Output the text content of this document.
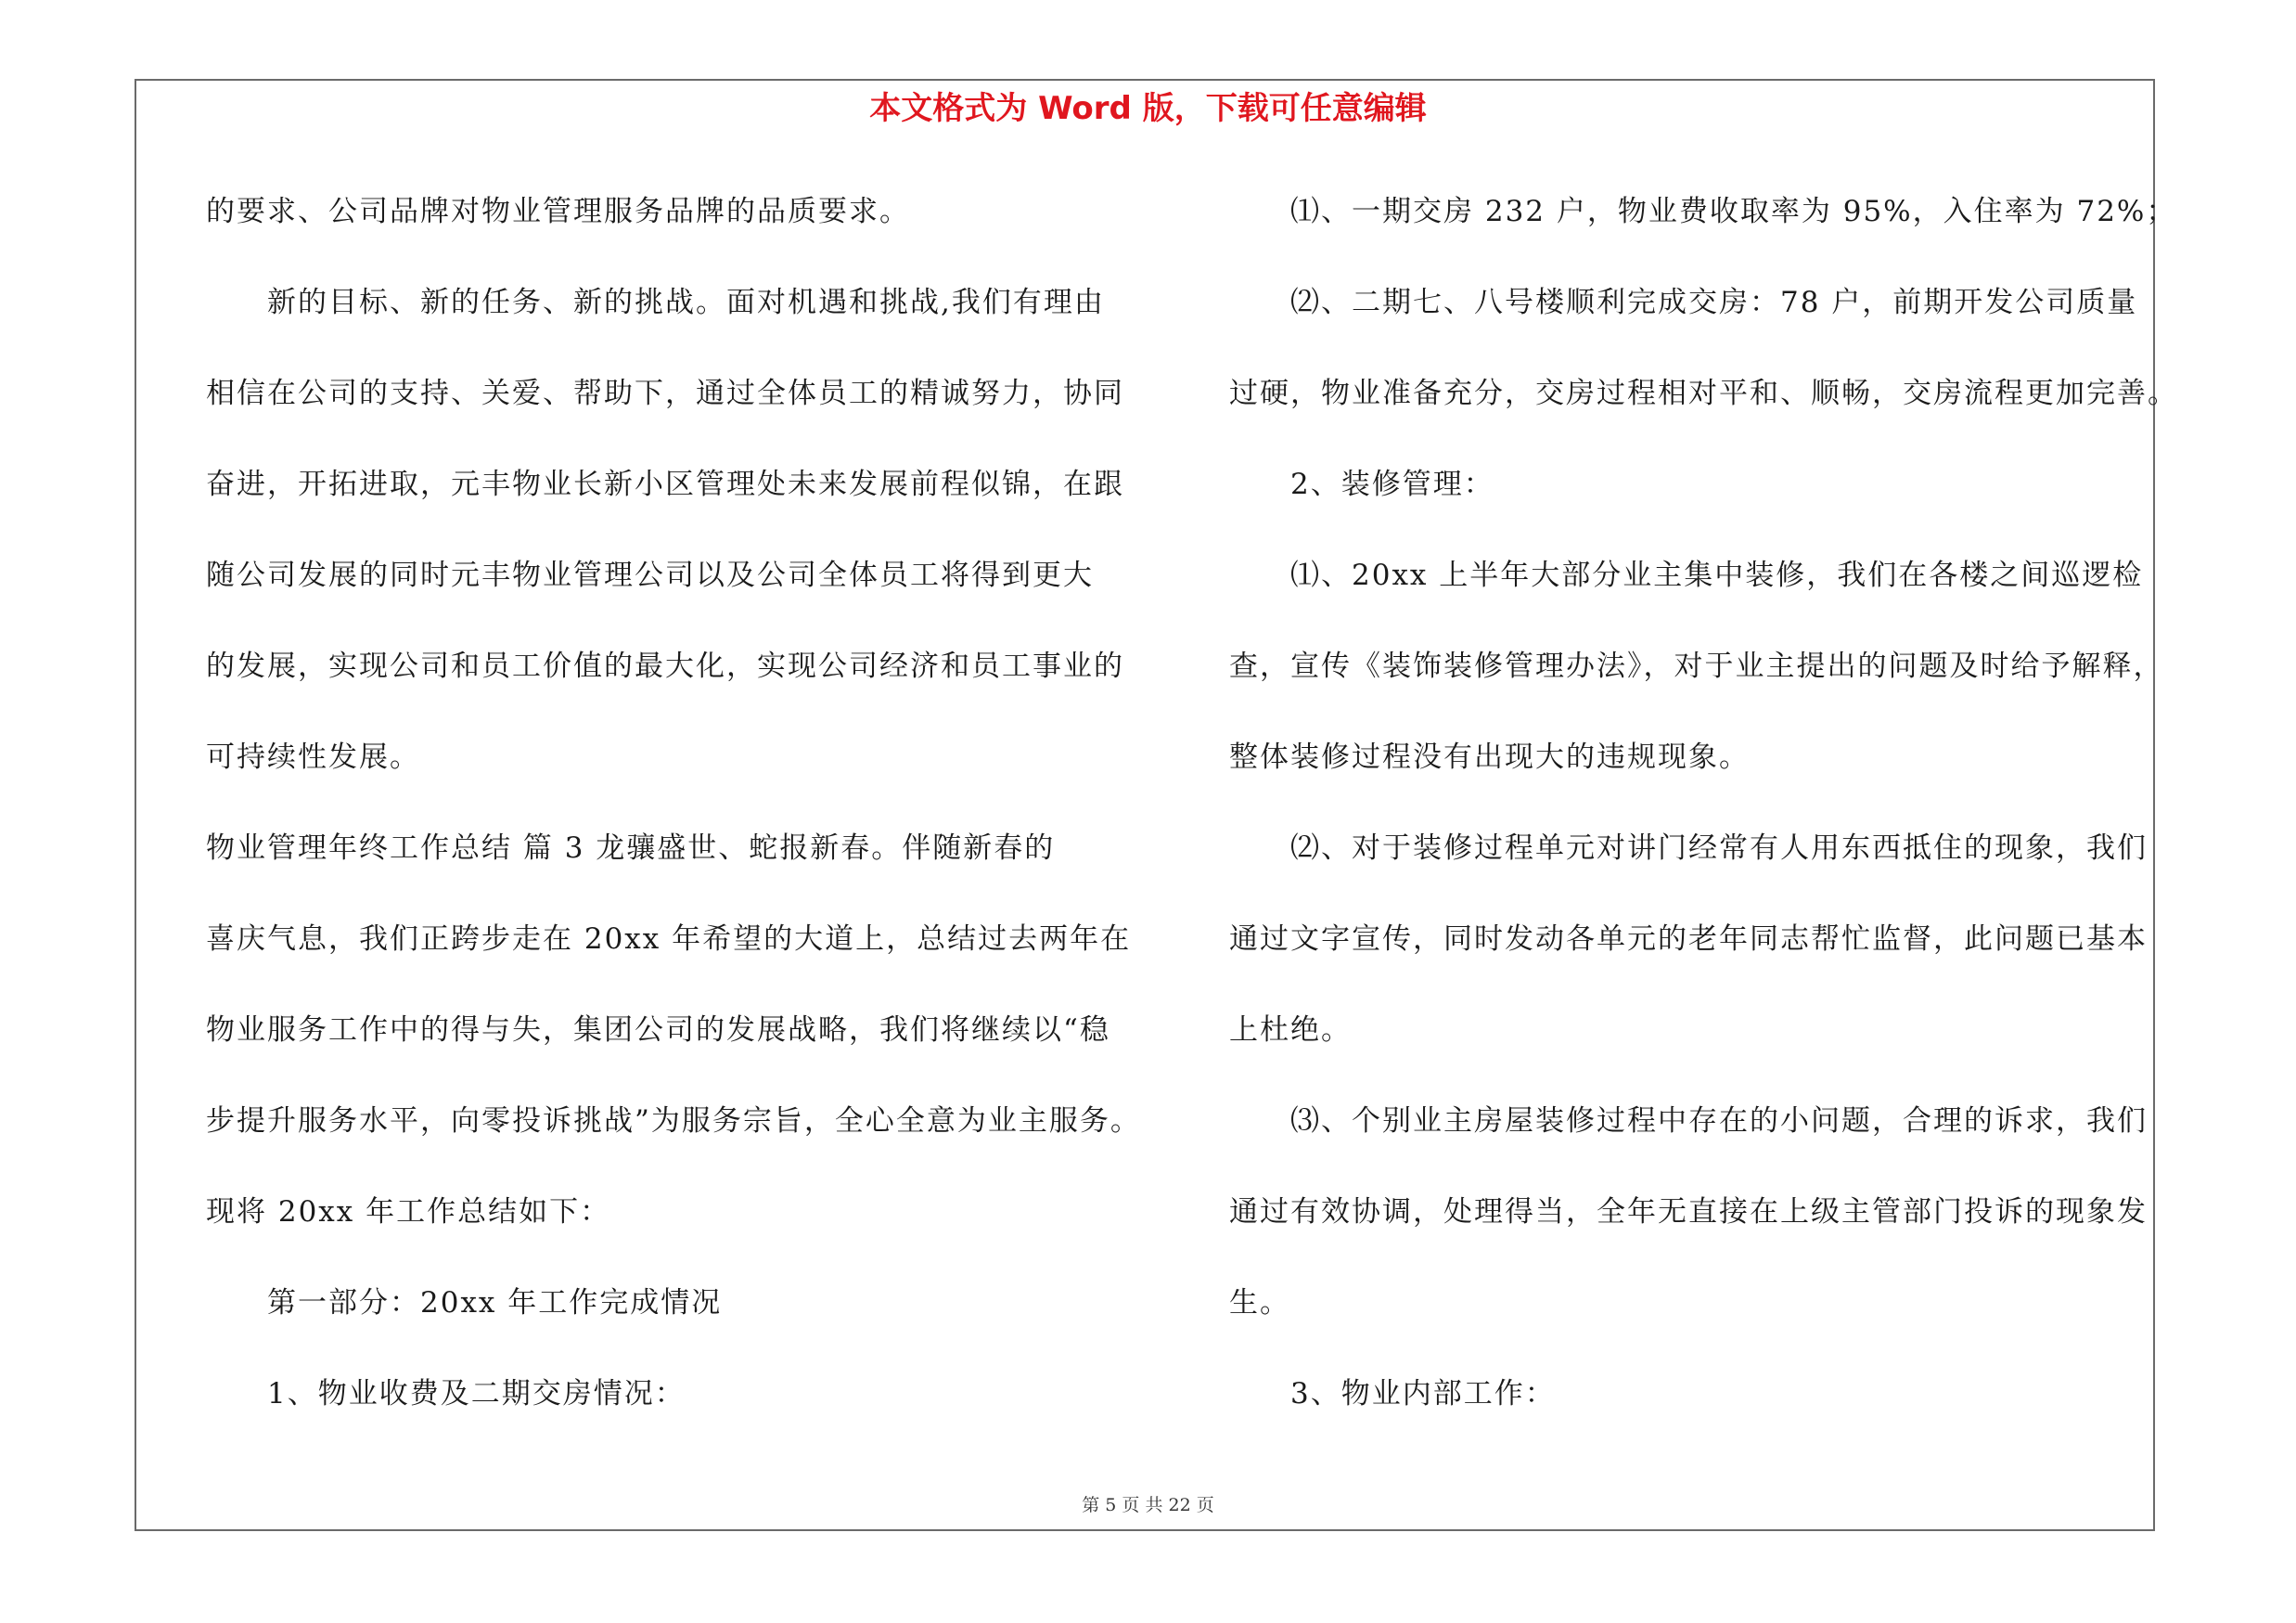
本文格式为 Word 版，下载可任意编辑
的要求、公司品牌对物业管理服务品牌的品质要求。
新的目标、新的任务、新的挑战。面对机遇和挑战,我们有理由
相信在公司的支持、关爱、帮助下，通过全体员工的精诚努力，协同
奋进，开拓进取，元丰物业长新小区管理处未来发展前程似锦，在跟
随公司发展的同时元丰物业管理公司以及公司全体员工将得到更大
的发展，实现公司和员工价值的最大化，实现公司经济和员工事业的
可持续性发展。
物业管理年终工作总结 篇 3 龙骧盛世、蛇报新春。伴随新春的
喜庆气息，我们正跨步走在 20xx 年希望的大道上，总结过去两年在
物业服务工作中的得与失，集团公司的发展战略，我们将继续以“稳
步提升服务水平，向零投诉挑战”为服务宗旨，全心全意为业主服务。
现将 20xx 年工作总结如下：
第一部分：20xx 年工作完成情况
1、物业收费及二期交房情况：
⑴、一期交房 232 户，物业费收取率为 95%，入住率为 72%；
⑵、二期七、八号楼顺利完成交房：78 户，前期开发公司质量
过硬，物业准备充分，交房过程相对平和、顺畅，交房流程更加完善。
2、装修管理：
⑴、20xx 上半年大部分业主集中装修，我们在各楼之间巡逻检
查，宣传《装饰装修管理办法》，对于业主提出的问题及时给予解释，
整体装修过程没有出现大的违规现象。
⑵、对于装修过程单元对讲门经常有人用东西抵住的现象，我们
通过文字宣传，同时发动各单元的老年同志帮忙监督，此问题已基本
上杜绝。
⑶、个别业主房屋装修过程中存在的小问题，合理的诉求，我们
通过有效协调，处理得当，全年无直接在上级主管部门投诉的现象发
生。
3、物业内部工作：
第 5 页 共 22 页
